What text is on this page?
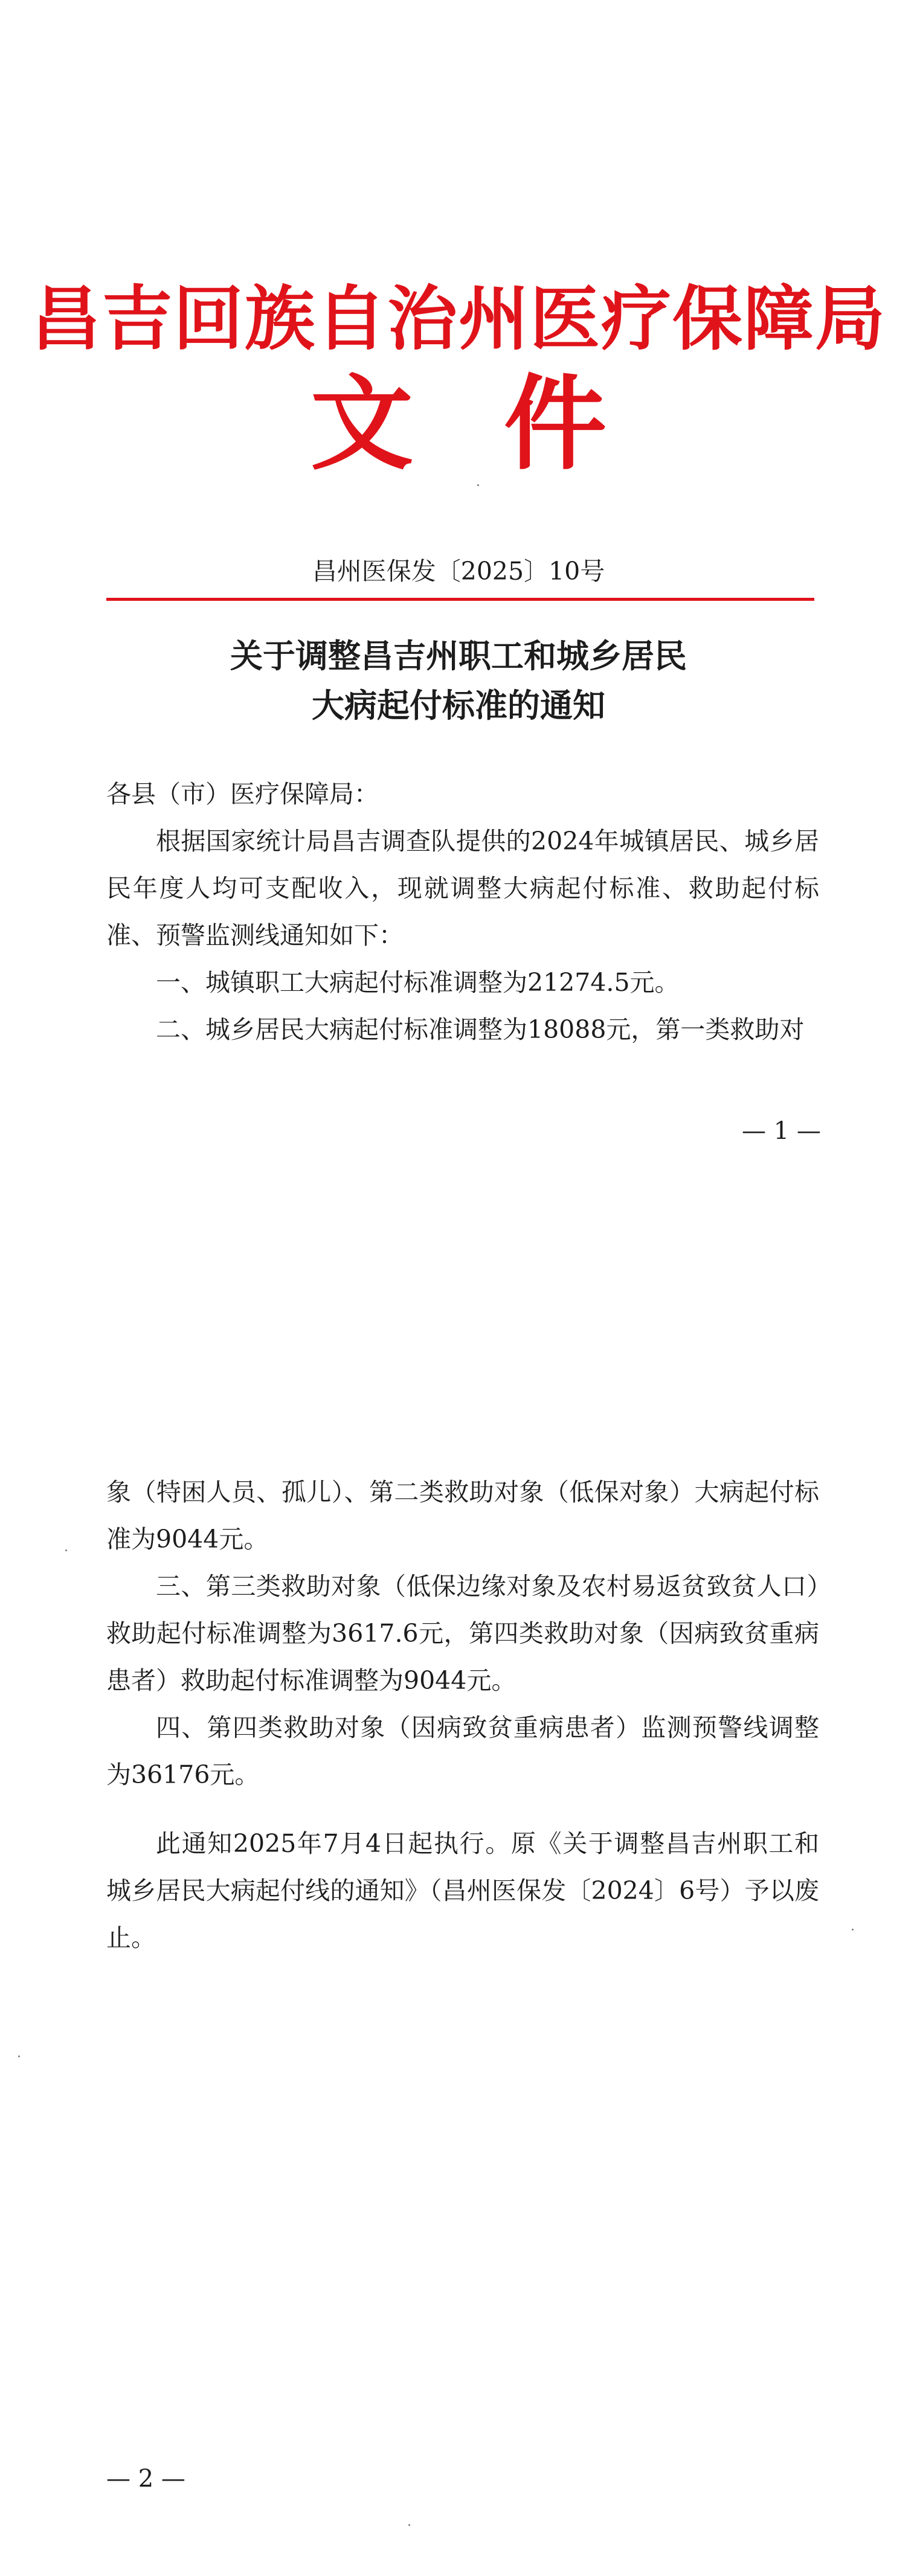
昌吉回族自治州医疗保障局
文件
昌州医保发〔2025〕10号
关于调整昌吉州职工和城乡居民
大病起付标准的通知
各县（市）医疗保障局：
根据国家统计局昌吉调查队提供的2024年城镇居民、城乡居民年度人均可支配收入，现就调整大病起付标准、救助起付标准、预警监测线通知如下：
一、城镇职工大病起付标准调整为21274.5元。
二、城乡居民大病起付标准调整为18088元，第一类救助对
— 1 —
象（特困人员、孤儿）、第二类救助对象（低保对象）大病起付标准为9044元。
三、第三类救助对象（低保边缘对象及农村易返贫致贫人口）救助起付标准调整为3617.6元，第四类救助对象（因病致贫重病患者）救助起付标准调整为9044元。
四、第四类救助对象（因病致贫重病患者）监测预警线调整为36176元。
此通知2025年7月4日起执行。原《关于调整昌吉州职工和城乡居民大病起付线的通知》（昌州医保发〔2024〕6号）予以废止。
— 2 —
